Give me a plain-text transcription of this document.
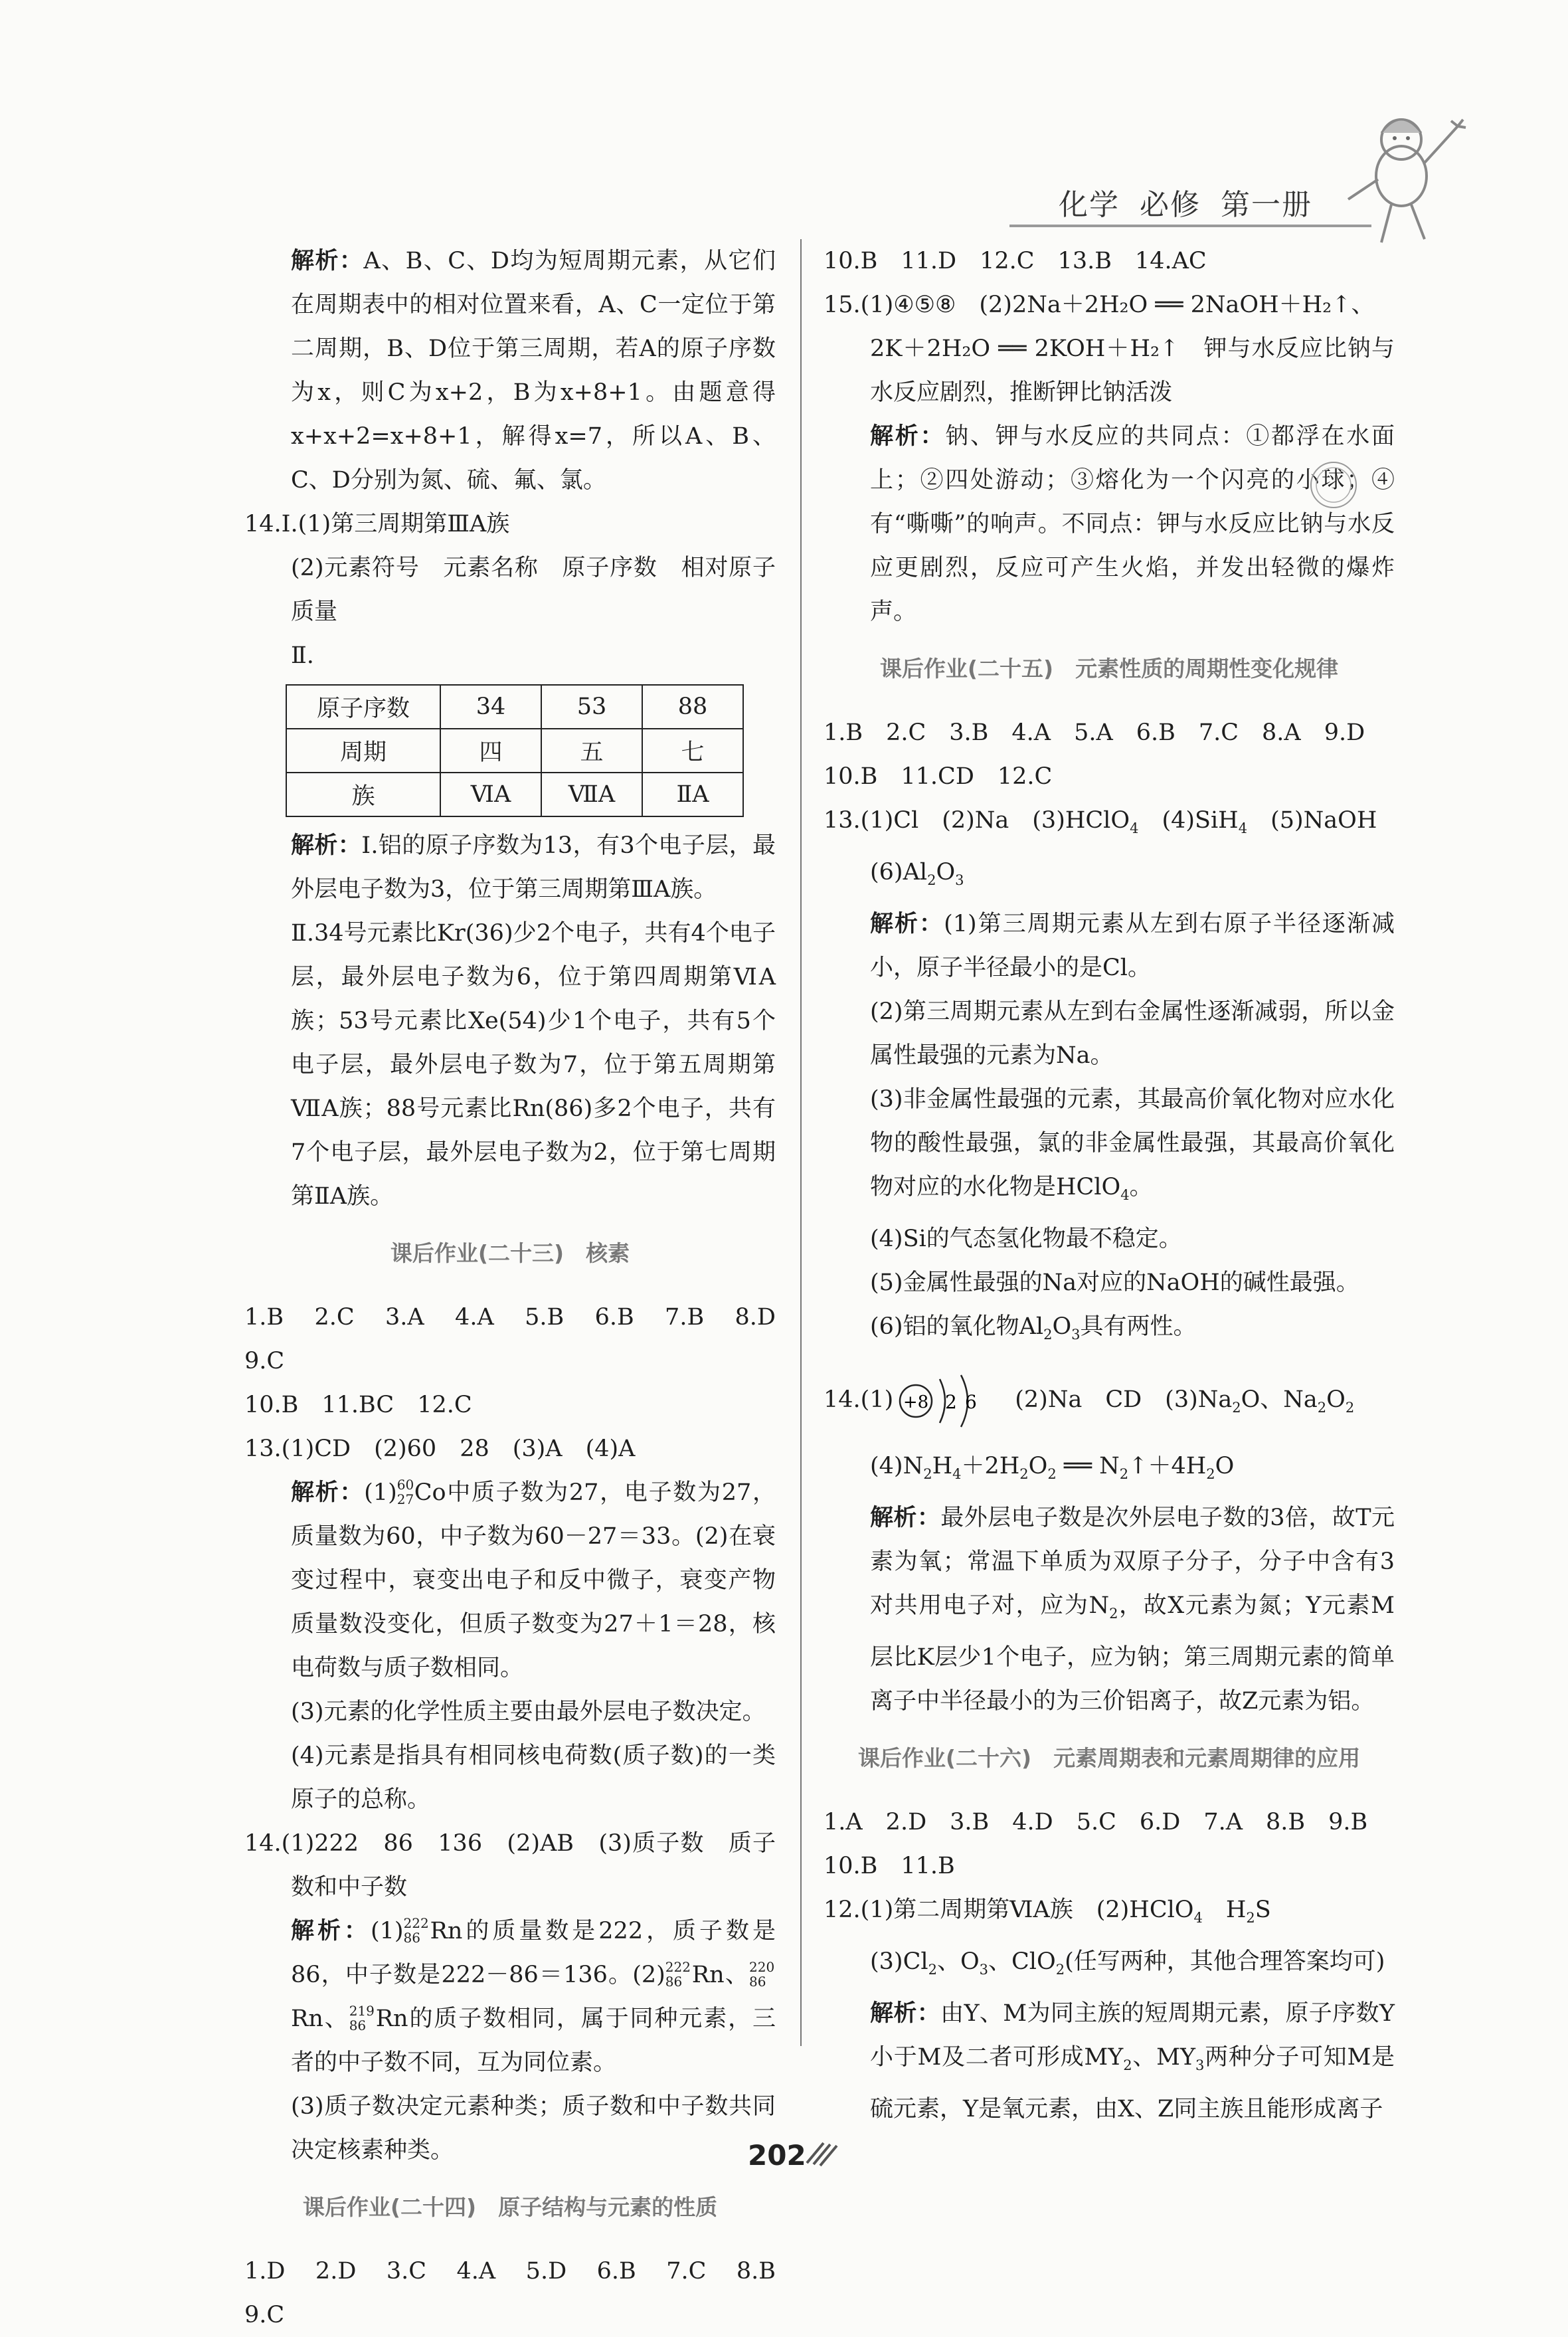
化学 必修 第一册

解析：A、B、C、D均为短周期元素，从它们在周期表中的相对位置来看，A、C一定位于第二周期，B、D位于第三周期，若A的原子序数为x，则C为x+2，B为x+8+1。由题意得x+x+2=x+8+1，解得x=7，所以A、B、C、D分别为氮、硫、氟、氯。

14.Ⅰ.(1)第三周期第ⅢA族

(2)元素符号　元素名称　原子序数　相对原子质量

Ⅱ.

原子序数	34	53	88
周期	四	五	七
族	ⅥA	ⅦA	ⅡA

解析：Ⅰ.铝的原子序数为13，有3个电子层，最外层电子数为3，位于第三周期第ⅢA族。

Ⅱ.34号元素比Kr(36)少2个电子，共有4个电子层，最外层电子数为6，位于第四周期第ⅥA族；53号元素比Xe(54)少1个电子，共有5个电子层，最外层电子数为7，位于第五周期第ⅦA族；88号元素比Rn(86)多2个电子，共有7个电子层，最外层电子数为2，位于第七周期第ⅡA族。

课后作业(二十三)　核素

1.B　2.C　3.A　4.A　5.B　6.B　7.B　8.D　9.C

10.B　11.BC　12.C

13.(1)CD　(2)60　28　(3)A　(4)A

解析：(1) 60
27 Co中质子数为27，电子数为27，质量数为60，中子数为60－27＝33。(2)在衰变过程中，衰变出电子和反中微子，衰变产物质量数没变化，但质子数变为27＋1＝28，核电荷数与质子数相同。

(3)元素的化学性质主要由最外层电子数决定。

(4)元素是指具有相同核电荷数(质子数)的一类原子的总称。

14.(1)222　86　136　(2)AB　(3)质子数　质子数和中子数

解析：(1) 222
86 Rn的质量数是222，质子数是86，中子数是222－86＝136。(2) 222
86 Rn、 220
86
Rn、 219
86 Rn的质子数相同，属于同种元素，三者的中子数不同，互为同位素。

(3)质子数决定元素种类；质子数和中子数共同决定核素种类。

课后作业(二十四)　原子结构与元素的性质

1.D　2.D　3.C　4.A　5.D　6.B　7.C　8.B　9.C

10.B　11.D　12.C　13.B　14.AC

15.(1)④⑤⑧　(2)2Na＋2H₂O ══ 2NaOH＋H₂↑、

2K＋2H₂O ══ 2KOH＋H₂↑　钾与水反应比钠与水反应剧烈，推断钾比钠活泼

解析：钠、钾与水反应的共同点：①都浮在水面上；②四处游动；③熔化为一个闪亮的小球；④有“嘶嘶”的响声。不同点：钾与水反应比钠与水反应更剧烈，反应可产生火焰，并发出轻微的爆炸声。

课后作业(二十五)　元素性质的周期性变化规律

1.B　2.C　3.B　4.A　5.A　6.B　7.C　8.A　9.D

10.B　11.CD　12.C

13.(1)Cl　(2)Na　(3)HClO$_4$　(4)SiH$_4$　(5)NaOH

$(6)Al_2O_3$

解析：(1)第三周期元素从左到右原子半径逐渐减小，原子半径最小的是Cl。

(2)第三周期元素从左到右金属性逐渐减弱，所以金属性最强的元素为Na。

(3)非金属性最强的元素，其最高价氧化物对应水化物的酸性最强，氯的非金属性最强，其最高价氧化物对应的水化物是HClO$_4$。

(4)Si的气态氢化物最不稳定。

(5)金属性最强的Na对应的NaOH的碱性最强。

(6)铝的氧化物$Al_2O_3$具有两性。

14.(1) +8 2 6 　(2)Na　CD　$(3)Na_2O$、$Na_2O_2$

$(4)N_2H_4+2H_2O_2$ ══ $N_2↑+4H_2O$

解析：最外层电子数是次外层电子数的3倍，故T元素为氧；常温下单质为双原子分子，分子中含有3对共用电子对，应为$N_2$，故X元素为氮；Y元素M层比K层少1个电子，应为钠；第三周期元素的简单离子中半径最小的为三价铝离子，故Z元素为铝。

课后作业(二十六)　元素周期表和元素周期律的应用

1.A　2.D　3.B　4.D　5.C　6.D　7.A　8.B　9.B

10.B　11.B

12.(1)第二周期第ⅥA族　(2)HClO$_4$　$H_2S$

$(3)Cl_2$、$O_3$、ClO$_2$(任写两种，其他合理答案均可)

解析：由Y、M为同主族的短周期元素，原子序数Y小于M及二者可形成$MY_2$、$MY_3$两种分子可知M是硫元素，Y是氧元素，由X、Z同主族且能形成离子

202
